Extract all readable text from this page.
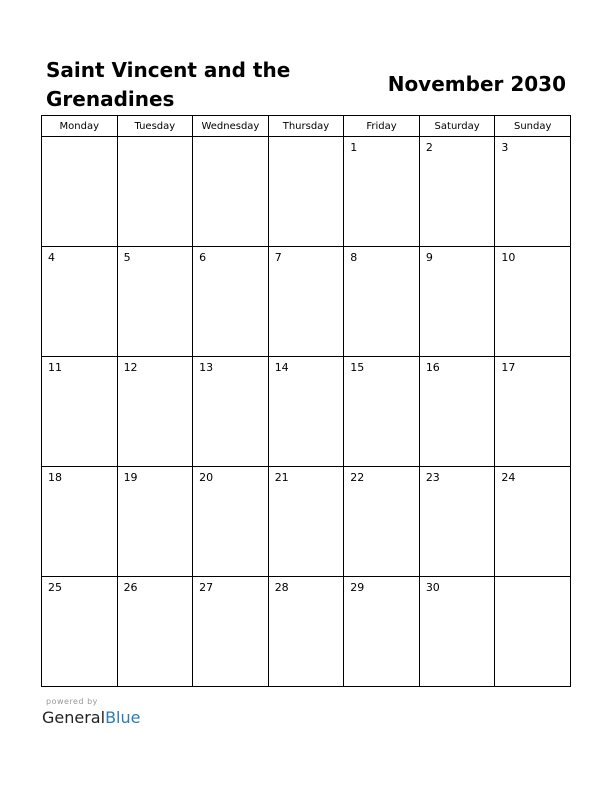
Saint Vincent and the Grenadines
November 2030
Monday	Tuesday	Wednesday	Thursday	Friday	Saturday	Sunday

				1	2	3

4	5	6	7	8	9	10

11	12	13	14	15	16	17

18	19	20	21	22	23	24

25	26	27	28	29	30	

powered by
GeneralBlue
